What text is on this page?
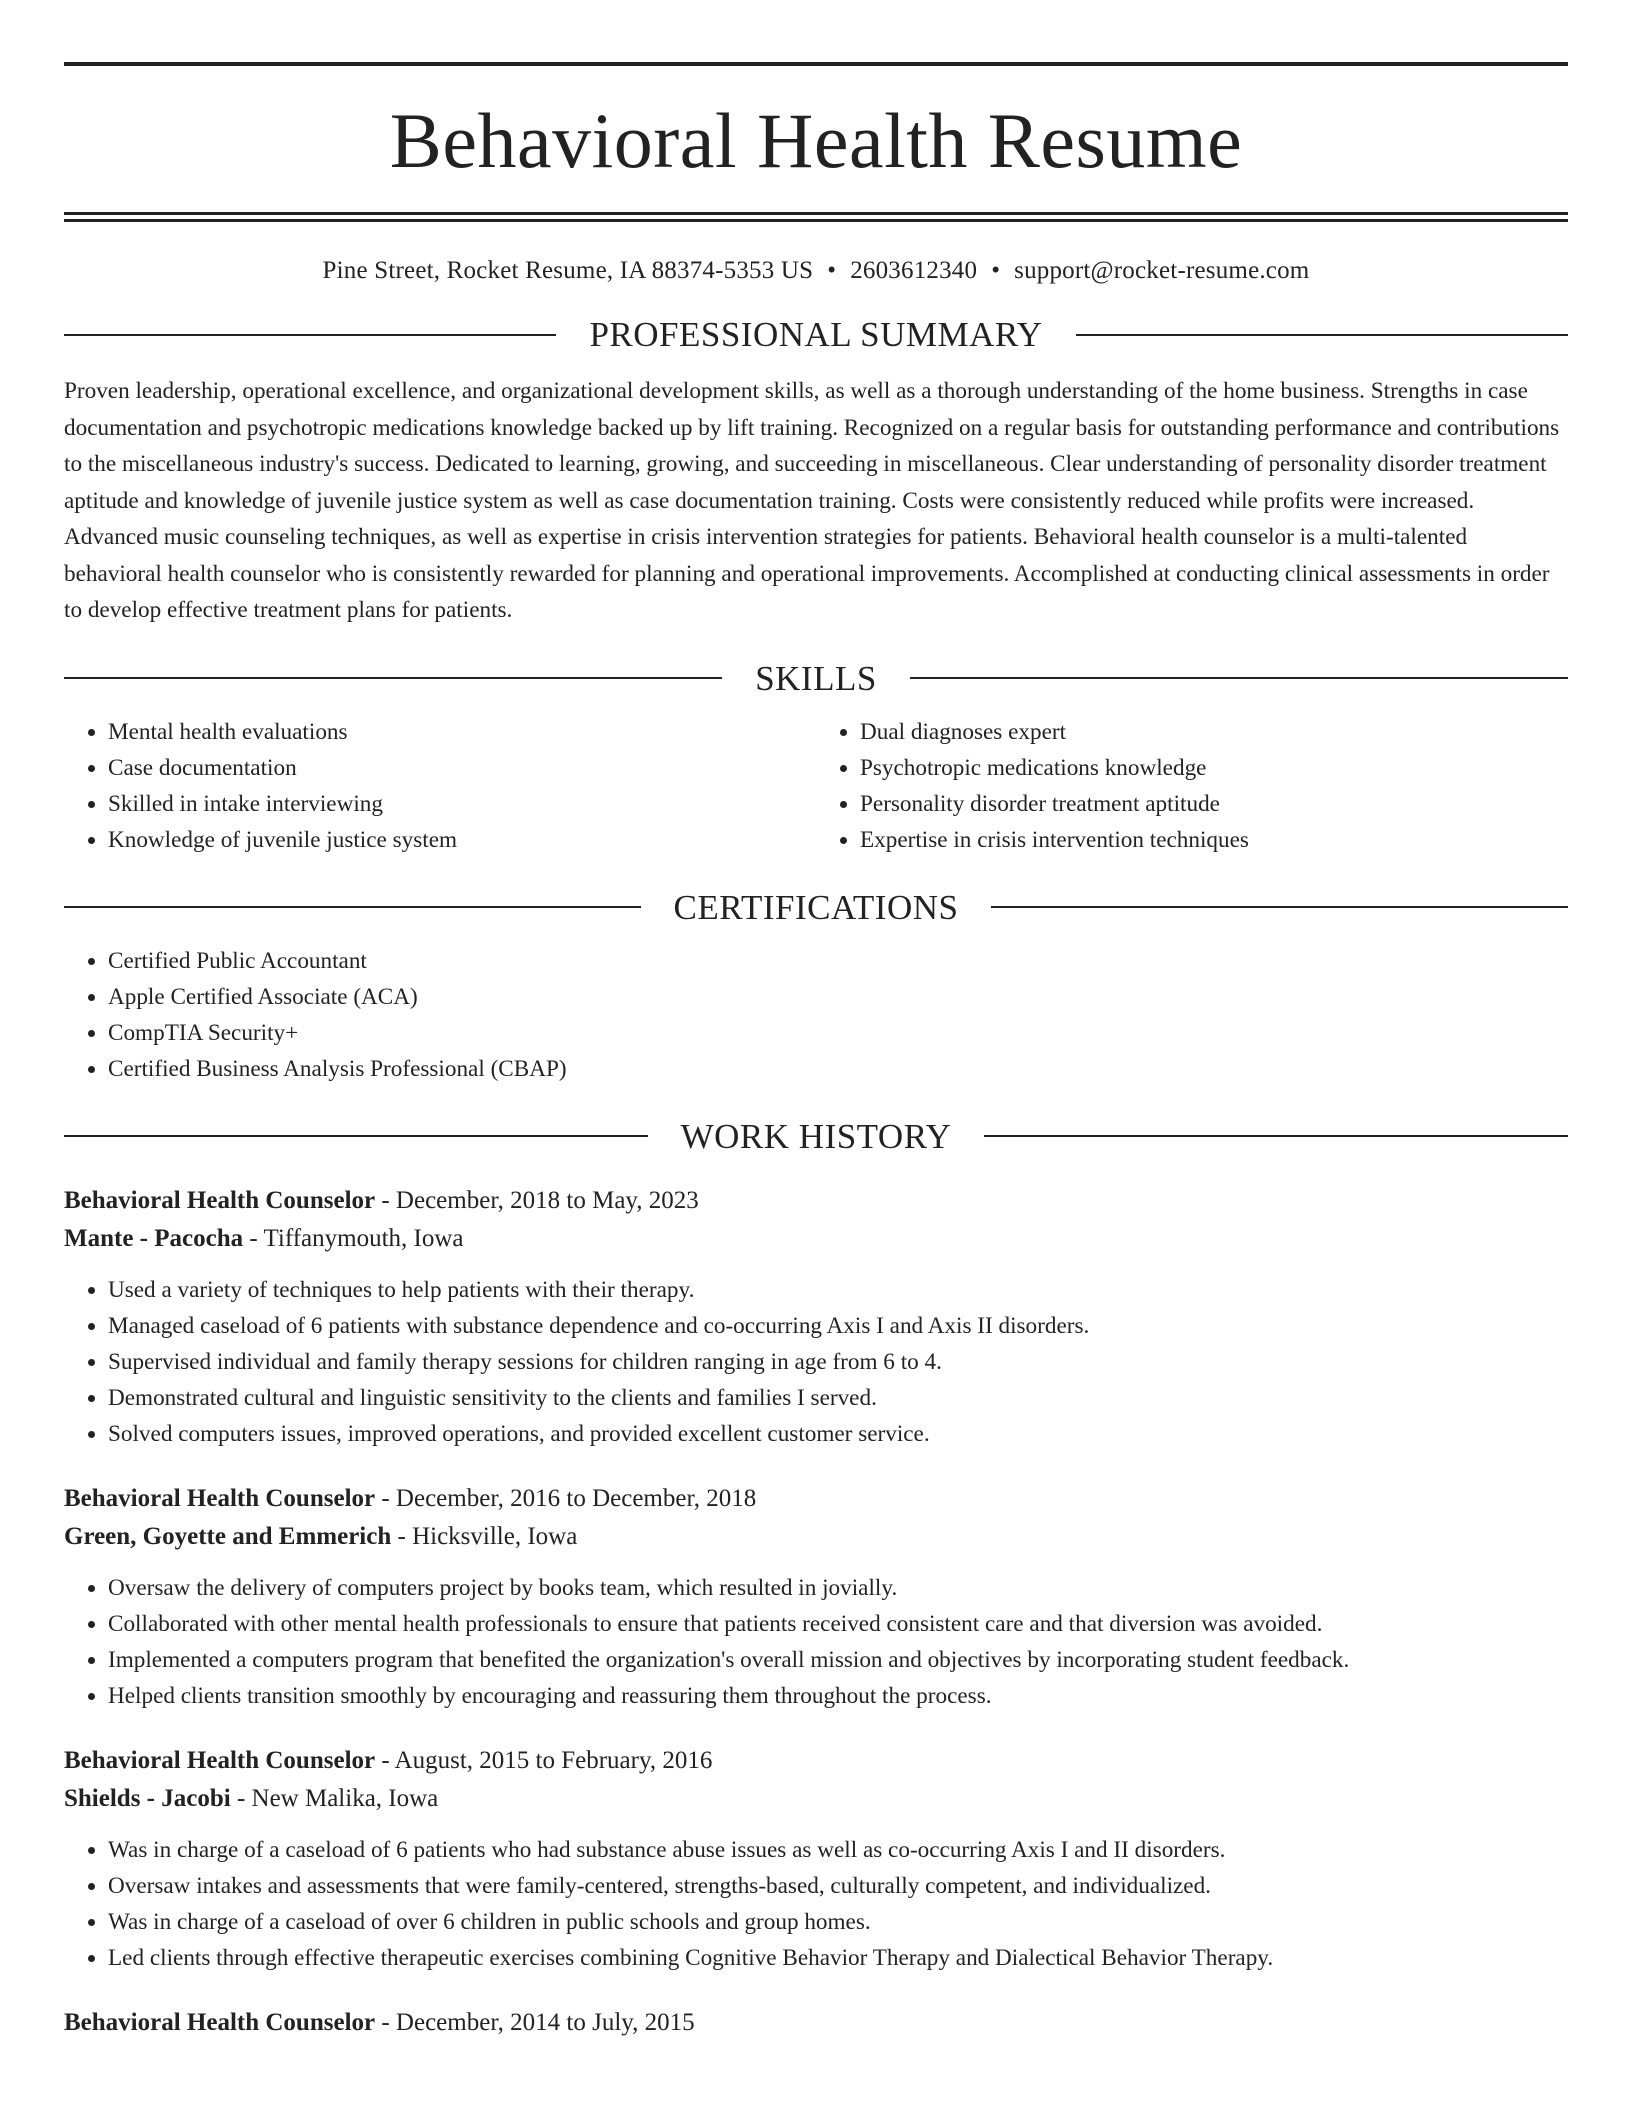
Behavioral Health Resume
Pine Street, Rocket Resume, IA 88374-5353 US • 2603612340 • support@rocket-resume.com
PROFESSIONAL SUMMARY

Proven leadership, operational excellence, and organizational development skills, as well as a thorough understanding of the home business. Strengths in case documentation and psychotropic medications knowledge backed up by lift training. Recognized on a regular basis for outstanding performance and contributions to the miscellaneous industry's success. Dedicated to learning, growing, and succeeding in miscellaneous. Clear understanding of personality disorder treatment aptitude and knowledge of juvenile justice system as well as case documentation training. Costs were consistently reduced while profits were increased. Advanced music counseling techniques, as well as expertise in crisis intervention strategies for patients. Behavioral health counselor is a multi-talented behavioral health counselor who is consistently rewarded for planning and operational improvements. Accomplished at conducting clinical assessments in order to develop effective treatment plans for patients.

SKILLS
• Mental health evaluations
• Case documentation
• Skilled in intake interviewing
• Knowledge of juvenile justice system
• Dual diagnoses expert
• Psychotropic medications knowledge
• Personality disorder treatment aptitude
• Expertise in crisis intervention techniques
CERTIFICATIONS
• Certified Public Accountant
• Apple Certified Associate (ACA)
• CompTIA Security+
• Certified Business Analysis Professional (CBAP)
WORK HISTORY
Behavioral Health Counselor - December, 2018 to May, 2023
Mante - Pacocha - Tiffanymouth, Iowa
• Used a variety of techniques to help patients with their therapy.
• Managed caseload of 6 patients with substance dependence and co-occurring Axis I and Axis II disorders.
• Supervised individual and family therapy sessions for children ranging in age from 6 to 4.
• Demonstrated cultural and linguistic sensitivity to the clients and families I served.
• Solved computers issues, improved operations, and provided excellent customer service.
Behavioral Health Counselor - December, 2016 to December, 2018
Green, Goyette and Emmerich - Hicksville, Iowa
• Oversaw the delivery of computers project by books team, which resulted in jovially.
• Collaborated with other mental health professionals to ensure that patients received consistent care and that diversion was avoided.
• Implemented a computers program that benefited the organization's overall mission and objectives by incorporating student feedback.
• Helped clients transition smoothly by encouraging and reassuring them throughout the process.
Behavioral Health Counselor - August, 2015 to February, 2016
Shields - Jacobi - New Malika, Iowa
• Was in charge of a caseload of 6 patients who had substance abuse issues as well as co-occurring Axis I and II disorders.
• Oversaw intakes and assessments that were family-centered, strengths-based, culturally competent, and individualized.
• Was in charge of a caseload of over 6 children in public schools and group homes.
• Led clients through effective therapeutic exercises combining Cognitive Behavior Therapy and Dialectical Behavior Therapy.
Behavioral Health Counselor - December, 2014 to July, 2015
